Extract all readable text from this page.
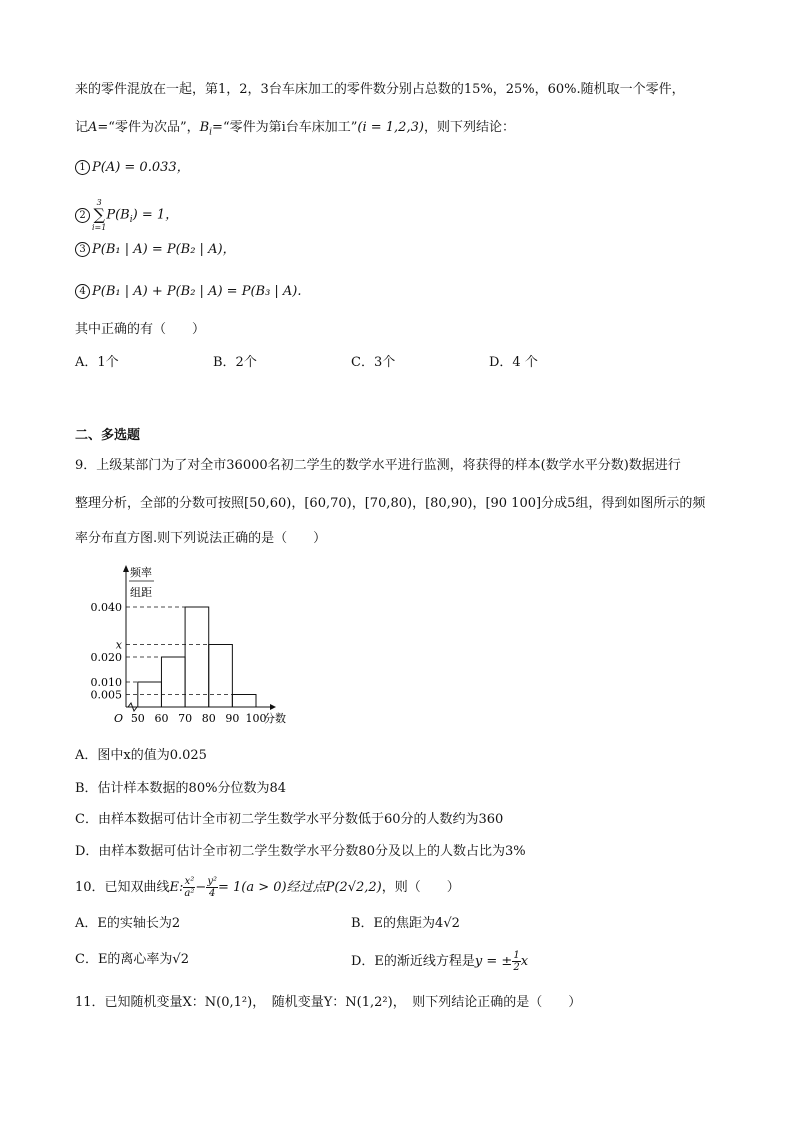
来的零件混放在一起，第1，2，3台车床加工的零件数分别占总数的15%，25%，60%.随机取一个零件，
记A=“零件为次品”，$B_i=“$零件为第i台车床加工”(i = 1,2,3)，则下列结论：
1 P(A) = 0.033，
23
∑
$i=1P(B_i) = 1$，
3 P(B₁ | A) = P(B₂ | A)，
4 P(B₁ | A) + P(B₂ | A) = P(B₃ | A).
其中正确的有（　　）
A．1个	B．2个	C．3个	D．4 个
二、多选题
9．上级某部门为了对全市36000名初二学生的数学水平进行监测，将获得的样本(数学水平分数)数据进行
整理分析，全部的分数可按照[50,60)，[60,70)，[70,80)，[80,90)，[90 100]分成5组，得到如图所示的频
率分布直方图.则下列说法正确的是（　　）
频率
组距
0.040
x
0.020
0.010
0.005
50 60 70 80 90 100
分数
O
A．图中x的值为0.025
B．估计样本数据的80%分位数为84
C．由样本数据可估计全市初二学生数学水平分数低于60分的人数约为360
D．由样本数据可估计全市初二学生数学水平分数80分及以上的人数占比为3%
10．已知双曲线E: $\frac{\text{x²}}{\text{a²}} - \frac{\text{y²}}{4} = 1(a > 0)$经过点P(2√2,2)，则（　　）
A．E的实轴长为2	B．E的焦距为4√2
C．E的离心率为√2	D．E的渐近线方程是y = ± $\frac{1}{2}$ x
11．已知随机变量X：N(0,1²)，　随机变量Y：N(1,2²)，　则下列结论正确的是（　　）
